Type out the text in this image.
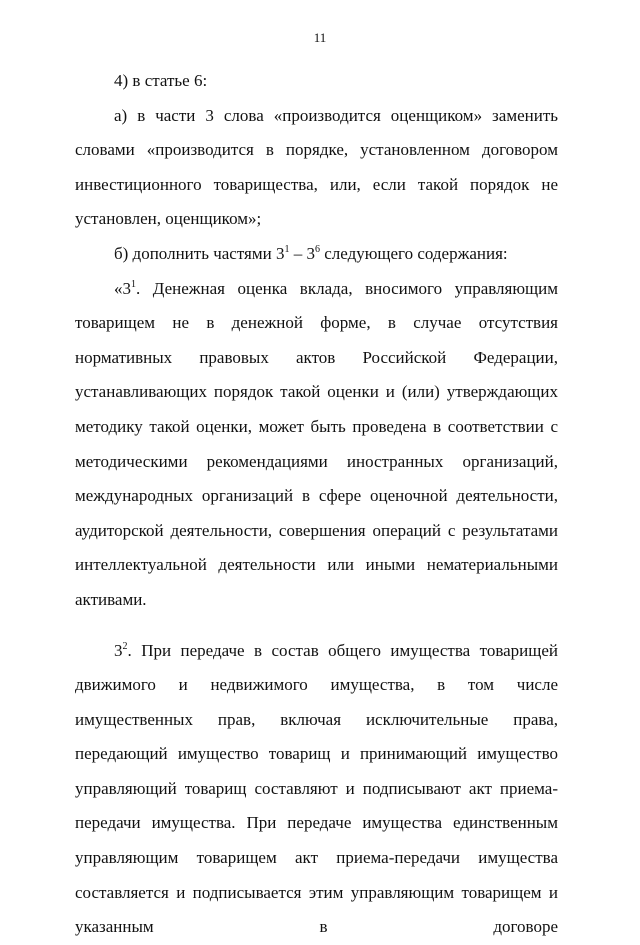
11

4) в статье 6:

а) в части 3 слова «производится оценщиком» заменить словами «производится в порядке, установленном договором инвестиционного товарищества, или, если такой порядок не установлен, оценщиком»;

б) дополнить частями $3^1 - 3^6$ следующего содержания:

«$3^1$. Денежная оценка вклада, вносимого управляющим товарищем не в денежной форме, в случае отсутствия нормативных правовых актов Российской Федерации, устанавливающих порядок такой оценки и (или) утверждающих методику такой оценки, может быть проведена в соответствии с методическими рекомендациями иностранных организаций, международных организаций в сфере оценочной деятельности, аудиторской деятельности, совершения операций с результатами интеллектуальной деятельности или иными нематериальными активами.

$3^2$. При передаче в состав общего имущества товарищей движимого и недвижимого имущества, в том числе имущественных прав, включая исключительные права, передающий имущество товарищ и принимающий имущество управляющий товарищ составляют и подписывают акт приема-передачи имущества. При передаче имущества единственным управляющим товарищем акт приема-передачи имущества составляется и подписывается этим управляющим товарищем и указанным в договоре
